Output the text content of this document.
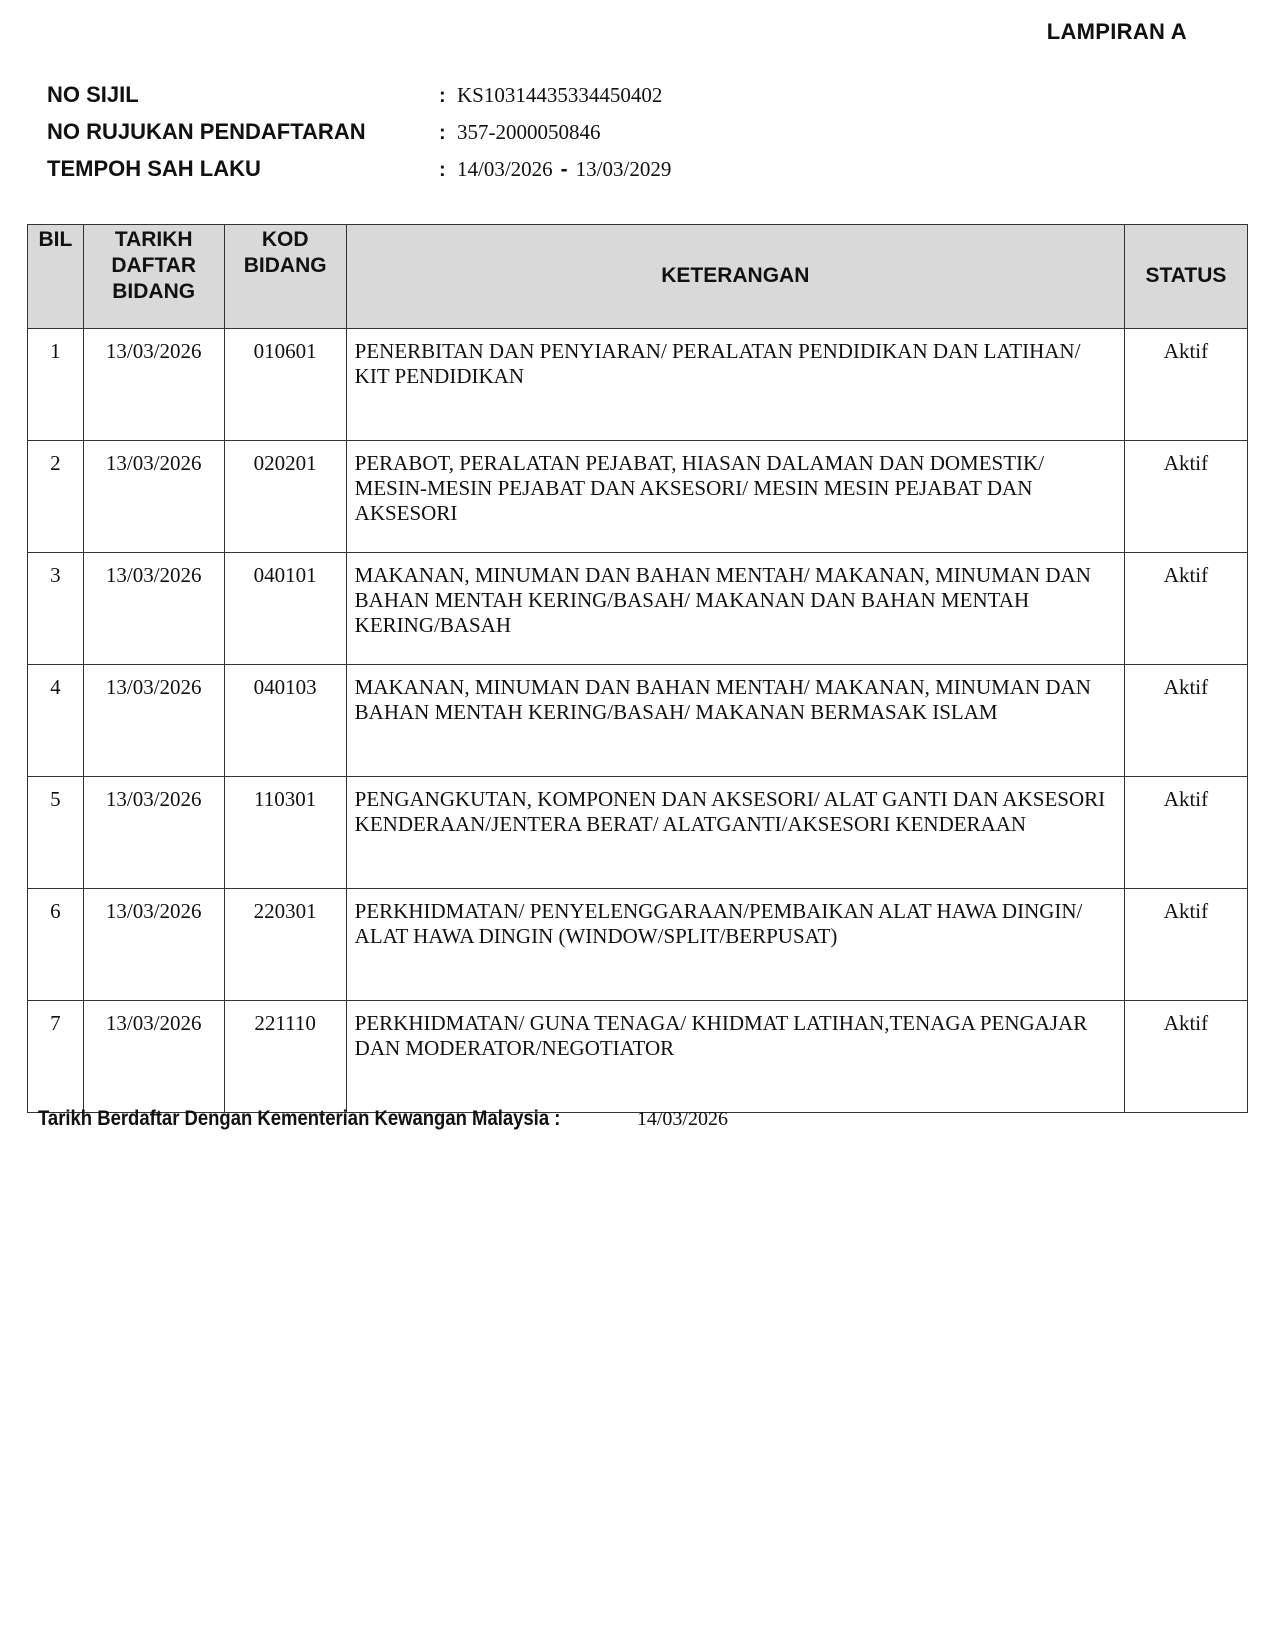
LAMPIRAN A
NO SIJIL	: KS10314435334450402
NO RUJUKAN PENDAFTARAN	: 357-2000050846
TEMPOH SAH LAKU	: 14/03/2026 - 13/03/2029
BIL	TARIKH DAFTAR BIDANG	KOD BIDANG	KETERANGAN	STATUS
1	13/03/2026	010601	PENERBITAN DAN PENYIARAN/ PERALATAN PENDIDIKAN DAN LATIHAN/ KIT PENDIDIKAN	Aktif
2	13/03/2026	020201	PERABOT, PERALATAN PEJABAT, HIASAN DALAMAN DAN DOMESTIK/ MESIN-MESIN PEJABAT DAN AKSESORI/ MESIN MESIN PEJABAT DAN AKSESORI	Aktif
3	13/03/2026	040101	MAKANAN, MINUMAN DAN BAHAN MENTAH/ MAKANAN, MINUMAN DAN BAHAN MENTAH KERING/BASAH/ MAKANAN DAN BAHAN MENTAH KERING/BASAH	Aktif
4	13/03/2026	040103	MAKANAN, MINUMAN DAN BAHAN MENTAH/ MAKANAN, MINUMAN DAN BAHAN MENTAH KERING/BASAH/ MAKANAN BERMASAK ISLAM	Aktif
5	13/03/2026	110301	PENGANGKUTAN, KOMPONEN DAN AKSESORI/ ALAT GANTI DAN AKSESORI KENDERAAN/JENTERA BERAT/ ALATGANTI/AKSESORI KENDERAAN	Aktif
6	13/03/2026	220301	PERKHIDMATAN/ PENYELENGGARAAN/PEMBAIKAN ALAT HAWA DINGIN/ ALAT HAWA DINGIN (WINDOW/SPLIT/BERPUSAT)	Aktif
7	13/03/2026	221110	PERKHIDMATAN/ GUNA TENAGA/ KHIDMAT LATIHAN,TENAGA PENGAJAR DAN MODERATOR/NEGOTIATOR	Aktif
Tarikh Berdaftar Dengan Kementerian Kewangan Malaysia :	14/03/2026
